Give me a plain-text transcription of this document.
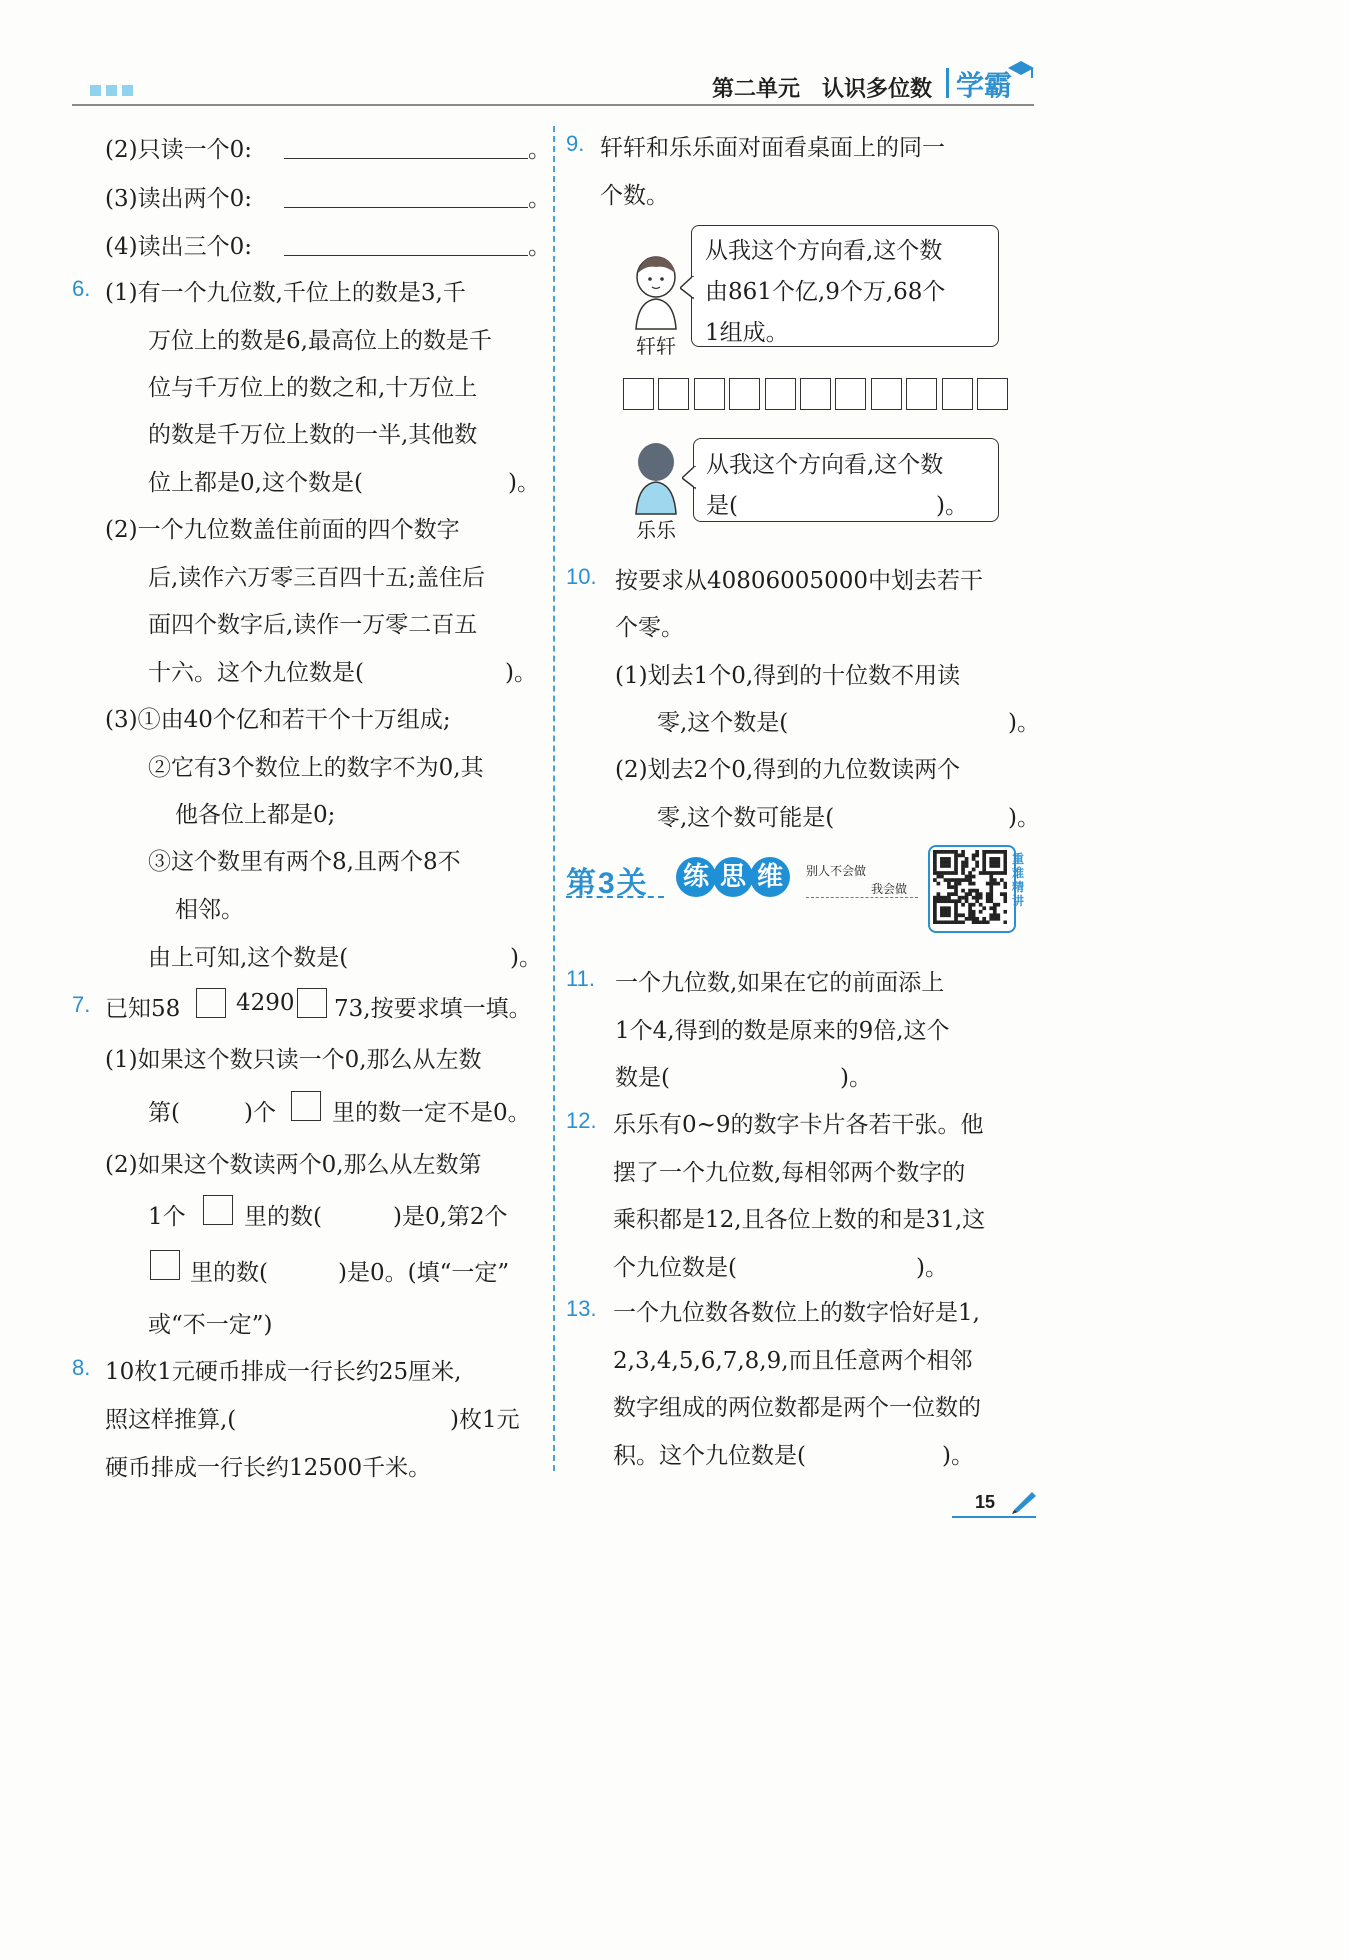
第二单元 认识多位数 学霸
(2)只读一个0:	。
(3)读出两个0:	。
(4)读出三个0:	。
6. (1)有一个九位数,千位上的数是3,千
万位上的数是6,最高位上的数是千
位与千万位上的数之和,十万位上
的数是千万位上数的一半,其他数
位上都是0,这个数是(	)。
(2)一个九位数盖住前面的四个数字
后,读作六万零三百四十五;盖住后
面四个数字后,读作一万零二百五
十六。这个九位数是(	)。
(3)①由40个亿和若干个十万组成;
②它有3个数位上的数字不为0,其
他各位上都是0;
③这个数里有两个8,且两个8不
相邻。
由上可知,这个数是(	)。
7. 已知58 4290 73,按要求填一填。
(1)如果这个数只读一个0,那么从左数
第(	)个 里的数一定不是0。
(2)如果这个数读两个0,那么从左数第
1个	里的数(	)是0,第2个
里的数(	)是0。(填“一定”
或“不一定”)
8. 10枚1元硬币排成一行长约25厘米,
照这样推算,(	)枚1元
硬币排成一行长约12500千米。
9. 轩轩和乐乐面对面看桌面上的同一
个数。
轩轩
从我这个方向看,这个数
由861个亿,9个万,68个
1组成。
乐乐
从我这个方向看,这个数
是(	)。
10. 按要求从40806005000中划去若干
个零。
(1)划去1个0,得到的十位数不用读
零,这个数是(	)。
(2)划去2个0,得到的九位数读两个
零,这个数可能是(	)。
第3关 练 思 维	别人不会做
我会做
重难精讲
11. 一个九位数,如果在它的前面添上
1个4,得到的数是原来的9倍,这个
数是(	)。
12. 乐乐有0~9的数字卡片各若干张。他
摆了一个九位数,每相邻两个数字的
乘积都是12,且各位上数的和是31,这
个九位数是(	)。
13. 一个九位数各数位上的数字恰好是1,
2,3,4,5,6,7,8,9,而且任意两个相邻
数字组成的两位数都是两个一位数的
积。这个九位数是(	)。
15
